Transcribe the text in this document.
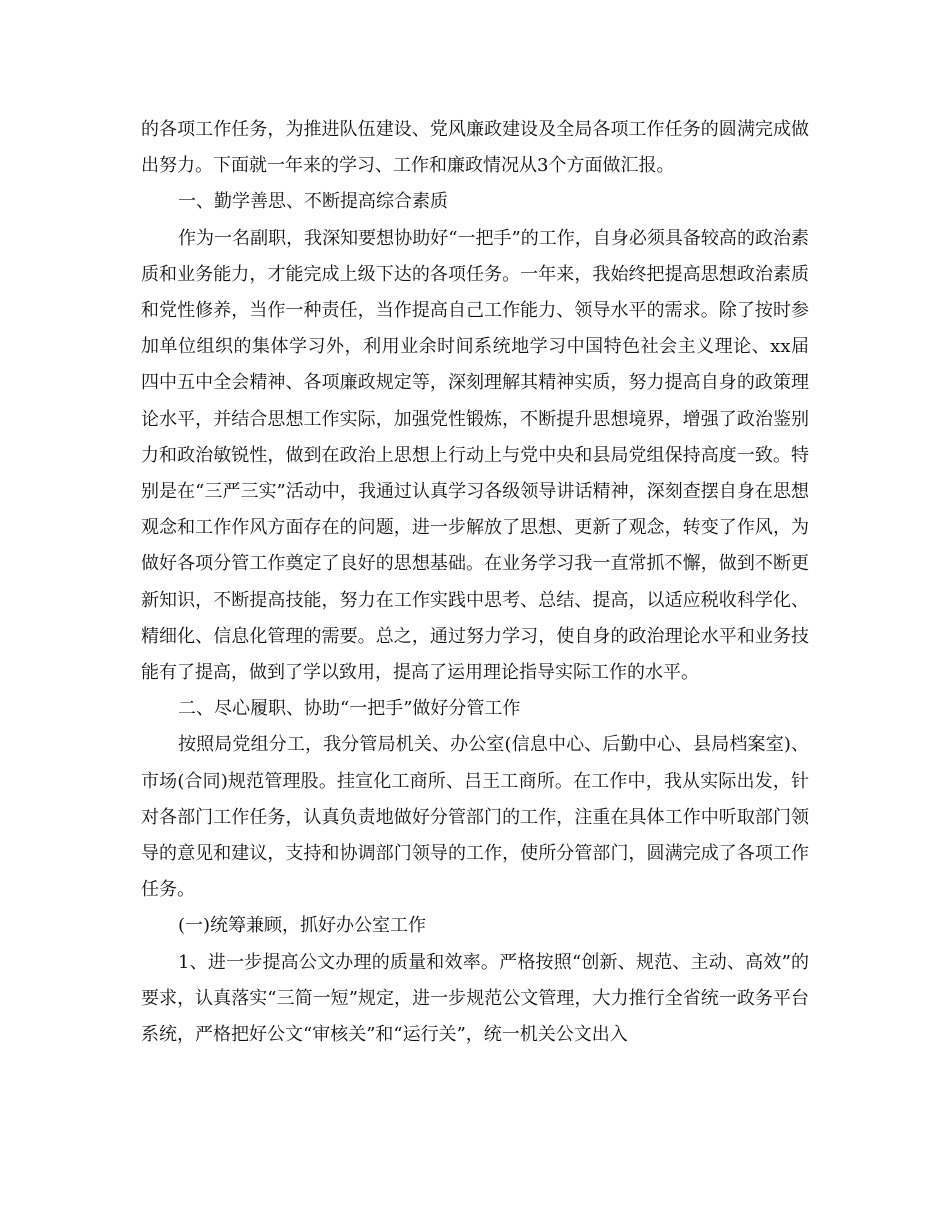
的各项工作任务，为推进队伍建设、党风廉政建设及全局各项工作任务的圆满完成做出努力。下面就一年来的学习、工作和廉政情况从3个方面做汇报。

一、勤学善思、不断提高综合素质

作为一名副职，我深知要想协助好“一把手”的工作，自身必须具备较高的政治素质和业务能力，才能完成上级下达的各项任务。一年来，我始终把提高思想政治素质和党性修养，当作一种责任，当作提高自己工作能力、领导水平的需求。除了按时参加单位组织的集体学习外，利用业余时间系统地学习中国特色社会主义理论、xx届四中五中全会精神、各项廉政规定等，深刻理解其精神实质，努力提高自身的政策理论水平，并结合思想工作实际，加强党性锻炼，不断提升思想境界，增强了政治鉴别力和政治敏锐性，做到在政治上思想上行动上与党中央和县局党组保持高度一致。特别是在“三严三实”活动中，我通过认真学习各级领导讲话精神，深刻查摆自身在思想观念和工作作风方面存在的问题，进一步解放了思想、更新了观念，转变了作风，为做好各项分管工作奠定了良好的思想基础。在业务学习我一直常抓不懈，做到不断更新知识，不断提高技能，努力在工作实践中思考、总结、提高，以适应税收科学化、精细化、信息化管理的需要。总之，通过努力学习，使自身的政治理论水平和业务技能有了提高，做到了学以致用，提高了运用理论指导实际工作的水平。

二、尽心履职、协助“一把手”做好分管工作

按照局党组分工，我分管局机关、办公室(信息中心、后勤中心、县局档案室)、市场(合同)规范管理股。挂宣化工商所、吕王工商所。在工作中，我从实际出发，针对各部门工作任务，认真负责地做好分管部门的工作，注重在具体工作中听取部门领导的意见和建议，支持和协调部门领导的工作，使所分管部门，圆满完成了各项工作任务。

(一)统筹兼顾，抓好办公室工作

1、进一步提高公文办理的质量和效率。严格按照“创新、规范、主动、高效”的要求，认真落实“三简一短”规定，进一步规范公文管理，大力推行全省统一政务平台系统，严格把好公文“审核关”和“运行关”，统一机关公文出入
